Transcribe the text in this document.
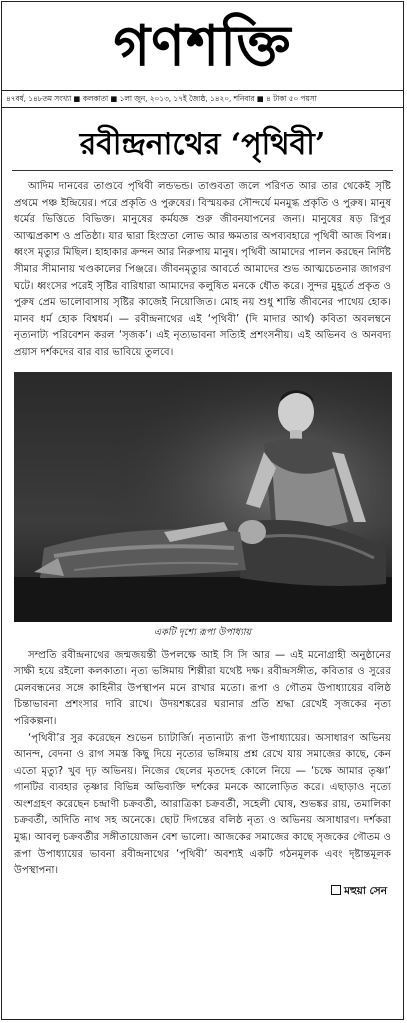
গণশক্তি
৪৭বর্ষ, ১৪৮তম সংখ্যা ■ কলকাতা ■ ১লা জুন, ২০১৩, ১৭ই জ্যৈষ্ঠ, ১৪২০, শনিবার ■ ৪ টাকা ৫০ পয়সা
রবীন্দ্রনাথের ‘পৃথিবী’

আদিম দানবের তাণ্ডবে পৃথিবী লন্ডভন্ড। তাণ্ডবতা জলে পরিণত আর তার থেকেই সৃষ্টি প্রথমে পঞ্চ ইন্দ্রিয়ের। পরে প্রকৃতি ও পুরুষের। বিস্ময়কর সৌন্দর্যে মনমুগ্ধ প্রকৃতি ও পুরুষ। মানুষ ধর্মের ভিত্তিতে বিভিক্ত। মানুষের কর্মযজ্ঞ শুরু জীবনযাপনের জন্য। মানুষের ষড় রিপুর আত্মপ্রকাশ ও প্রতিষ্ঠা। যার দ্বারা হিংস্রতা লোভ আর ক্ষমতার অপব্যবহারে পৃথিবী আজ বিপন্ন। ধ্বংস মৃত্যুর মিছিল। হাহাকার ক্রন্দন আর নিরুপায় মানুষ। পৃথিবী আমাদের পালন করছেন নির্দিষ্ট সীমার সীমানায় খণ্ডকালের পিঞ্জরে। জীবনমৃত্যুর আবর্তে আমাদের শুভ আত্মচেতনার জাগরণ ঘটে। ধ্বংসের পরেই সৃষ্টির বারিধারা আমাদের কলুষিত মনকে ধৌত করে। সুন্দর মুহূর্তে প্রকৃত ও পুরুষ প্রেম ভালোবাসায় সৃষ্টির কাজেই নিয়োজিত। মোহ নয় শুধু শান্তি জীবনের পাথেয় হোক। মানব ধর্ম হোক বিশ্বধর্ম। — রবীন্দ্রনাথের এই ‘পৃথিবী’ (দি মাদার আর্থ) কবিতা অবলম্বনে নৃত্যনাট্য পরিবেশন করল ‘সৃজক’। এই নৃত্যভাবনা সত্যিই প্রশংসনীয়। এই অভিনব ও অনবদ্য প্রয়াস দর্শকদের বার বার ভাবিয়ে তুলবে।

একটি দৃশ্যে রূপা উপাধ্যায়

সম্প্রতি রবীন্দ্রনাথের জন্মজয়ন্তী উপলক্ষে আই সি সি আর — এই মনোগ্রাহী অনুষ্ঠানের সাক্ষী হয়ে রইলো কলকাতা। নৃত্য ভঙ্গিমায় শিল্পীরা যথেষ্ট দক্ষ। রবীন্দ্রসঙ্গীত, কবিতার ও সুরের মেলবন্ধনের সঙ্গে কাহিনীর উপস্থাপন মনে রাখার মতো। রূপা ও গৌতম উপাধ্যায়ের বলিষ্ঠ চিন্তাভাবনা প্রশংসার দাবি রাখে। উদয়শঙ্করের ঘরানার প্রতি শ্রদ্ধা রেখেই সৃজকের নৃত্য পরিকল্পনা।

‘পৃথিবী’র সুর করেছেন শুভেন চ্যাটার্জি। নৃত্যনাট্য রূপা উপাধ্যায়ের। অসাধারণ অভিনয় আনন্দ, বেদনা ও রাগ সমস্ত কিছু দিয়ে নৃত্যের ভঙ্গিমায় প্রশ্ন রেখে যায় সমাজের কাছে, কেন এতো মৃত্যু? খুব দৃঢ় অভিনয়। নিজের ছেলের মৃতদেহ কোলে নিয়ে — ‘চক্ষে আমার তৃষ্ণা’ গানটির ব্যবহার তৃষ্ণার বিভিন্ন অভিব্যক্তি দর্শকের মনকে আলোড়িত করে। এছাড়াও নৃত্যে অংশগ্রহণ করেছেন চন্দ্রাণী চক্রবর্তী, আরাত্রিকা চক্রবর্তী, সহেলী ঘোষ, শুভঙ্কর রায়, তমালিকা চক্রবর্তী, অদিতি নাথ সহ অনেকে। ছোট দিগন্তের বলিষ্ঠ নৃত্য ও অভিনয় অসাধারণ। দর্শকরা মুগ্ধ। আবলু চক্রবর্তীর সঙ্গীতায়োজন বেশ ভালো। আজকের সমাজের কাছে সৃজকের গৌতম ও রূপা উপাধ্যায়ের ভাবনা রবীন্দ্রনাথের ‘পৃথিবী’ অবশ্যই একটি গঠনমূলক এবং দৃষ্টান্তমূলক উপস্থাপনা।

মহুয়া সেন
